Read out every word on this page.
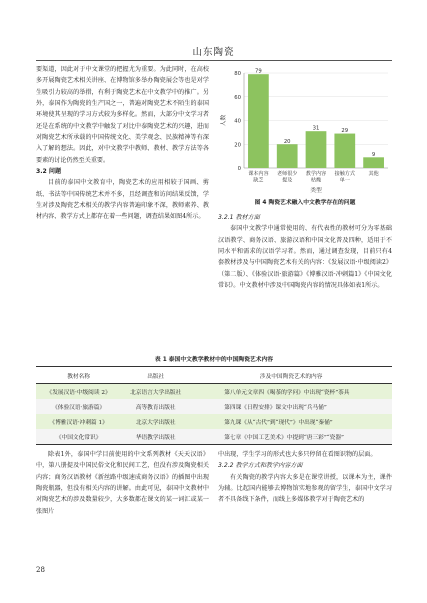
山东陶瓷

要渠道，因此对于中文课堂的把握尤为重要。为此同时，在高校多开展陶瓷艺术相关讲座、在博物馆多举办陶瓷展会等也是对学生吸引力较高的举措，有利于陶瓷艺术在中文教学中的推广。另外，泰国作为陶瓷的生产国之一，普遍对陶瓷艺术不陌生的泰国环境使其呈现的学习方式较为多样化。然而，大部分中文学习者还是在系统的中文教学中触发了对比中泰陶瓷艺术的兴趣，进而对陶瓷艺术所承载的中国传统文化、美学观念、民族精神等有深入了解的想法。因此，对中文教学中教师、教材、教学方法等各要素的讨论仍然至关重要。

3.2 问题

目前的泰国中文教育中，陶瓷艺术的应用相较于国画、剪纸、书法等中国传统艺术并不多，且经调查和访问结果反馈，学生对涉及陶瓷艺术相关的教学内容普遍印象不深，教师素养、教材内容、教学方式上都存在着一些问题，调查结果如图4所示。

0
20
40
60
80
人数
79
课本内容
缺乏
20
老师很少
提及
31
教学内容
枯燥
29
接触方式
单一
9
其他
类型
图 4 陶瓷艺术融入中文教学存在的问题

3.2.1 教材方面

泰国中文教学中通常使用的、有代表性的教材可分为零基础汉语教学、商务汉语、旅游汉语和中国文化普及四种，适用于不同水平和需求的汉语学习者。然而，通过调查发现，目前只有4套教材涉及与中国陶瓷艺术有关的内容：《发展汉语·中级阅读2》（第二版）、《体验汉语·旅游篇》《博雅汉语·冲刺篇1》《中国文化常识》。中文教材中涉及中国陶瓷内容的情况具体如表1所示。

表 1 泰国中文教学教材中的中国陶瓷艺术内容
教材名称	出版社	涉及中国陶瓷艺术的内容
《发展汉语·中级阅读 2》	北京语言大学出版社	第八单元文章四《喝茶的学问》中出现“瓷杯”茶具
《体验汉语·旅游篇》	高等教育出版社	第四课《日程安排》课文中出现“兵马俑”
《博雅汉语·冲刺篇 1》	北京大学出版社	第九课《从“古代”到“现代”》中出现“秦俑”
《中国文化常识》	华语教学出版社	第七章《中国工艺美术》中提到“唐三彩”“瓷器”

除表1外，泰国中学目前使用的中文系列教材《天天汉语》中，第八册提及中国民俗文化和民间工艺，但没有涉及陶瓷相关内容；商务汉语教材《新丝路中级速成商务汉语》的插图中出现陶瓷瓶器，但没有相关内容的讲解。由此可见，泰国中文教材中对陶瓷艺术的涉及数量较少，大多数都在课文的某一词汇或某一张图片

中出现，学生学习的形式也大多只停留在看图识物的层面。

3.2.2 教学方式和教学内容方面

有关陶瓷的教学内容大多是在课堂讲授，以课本为主，课件为辅。比起国内能够去博物馆实地参观的留学生，泰国中文学习者不具备线下条件，而线上多媒体教学对于陶瓷艺术的

28
